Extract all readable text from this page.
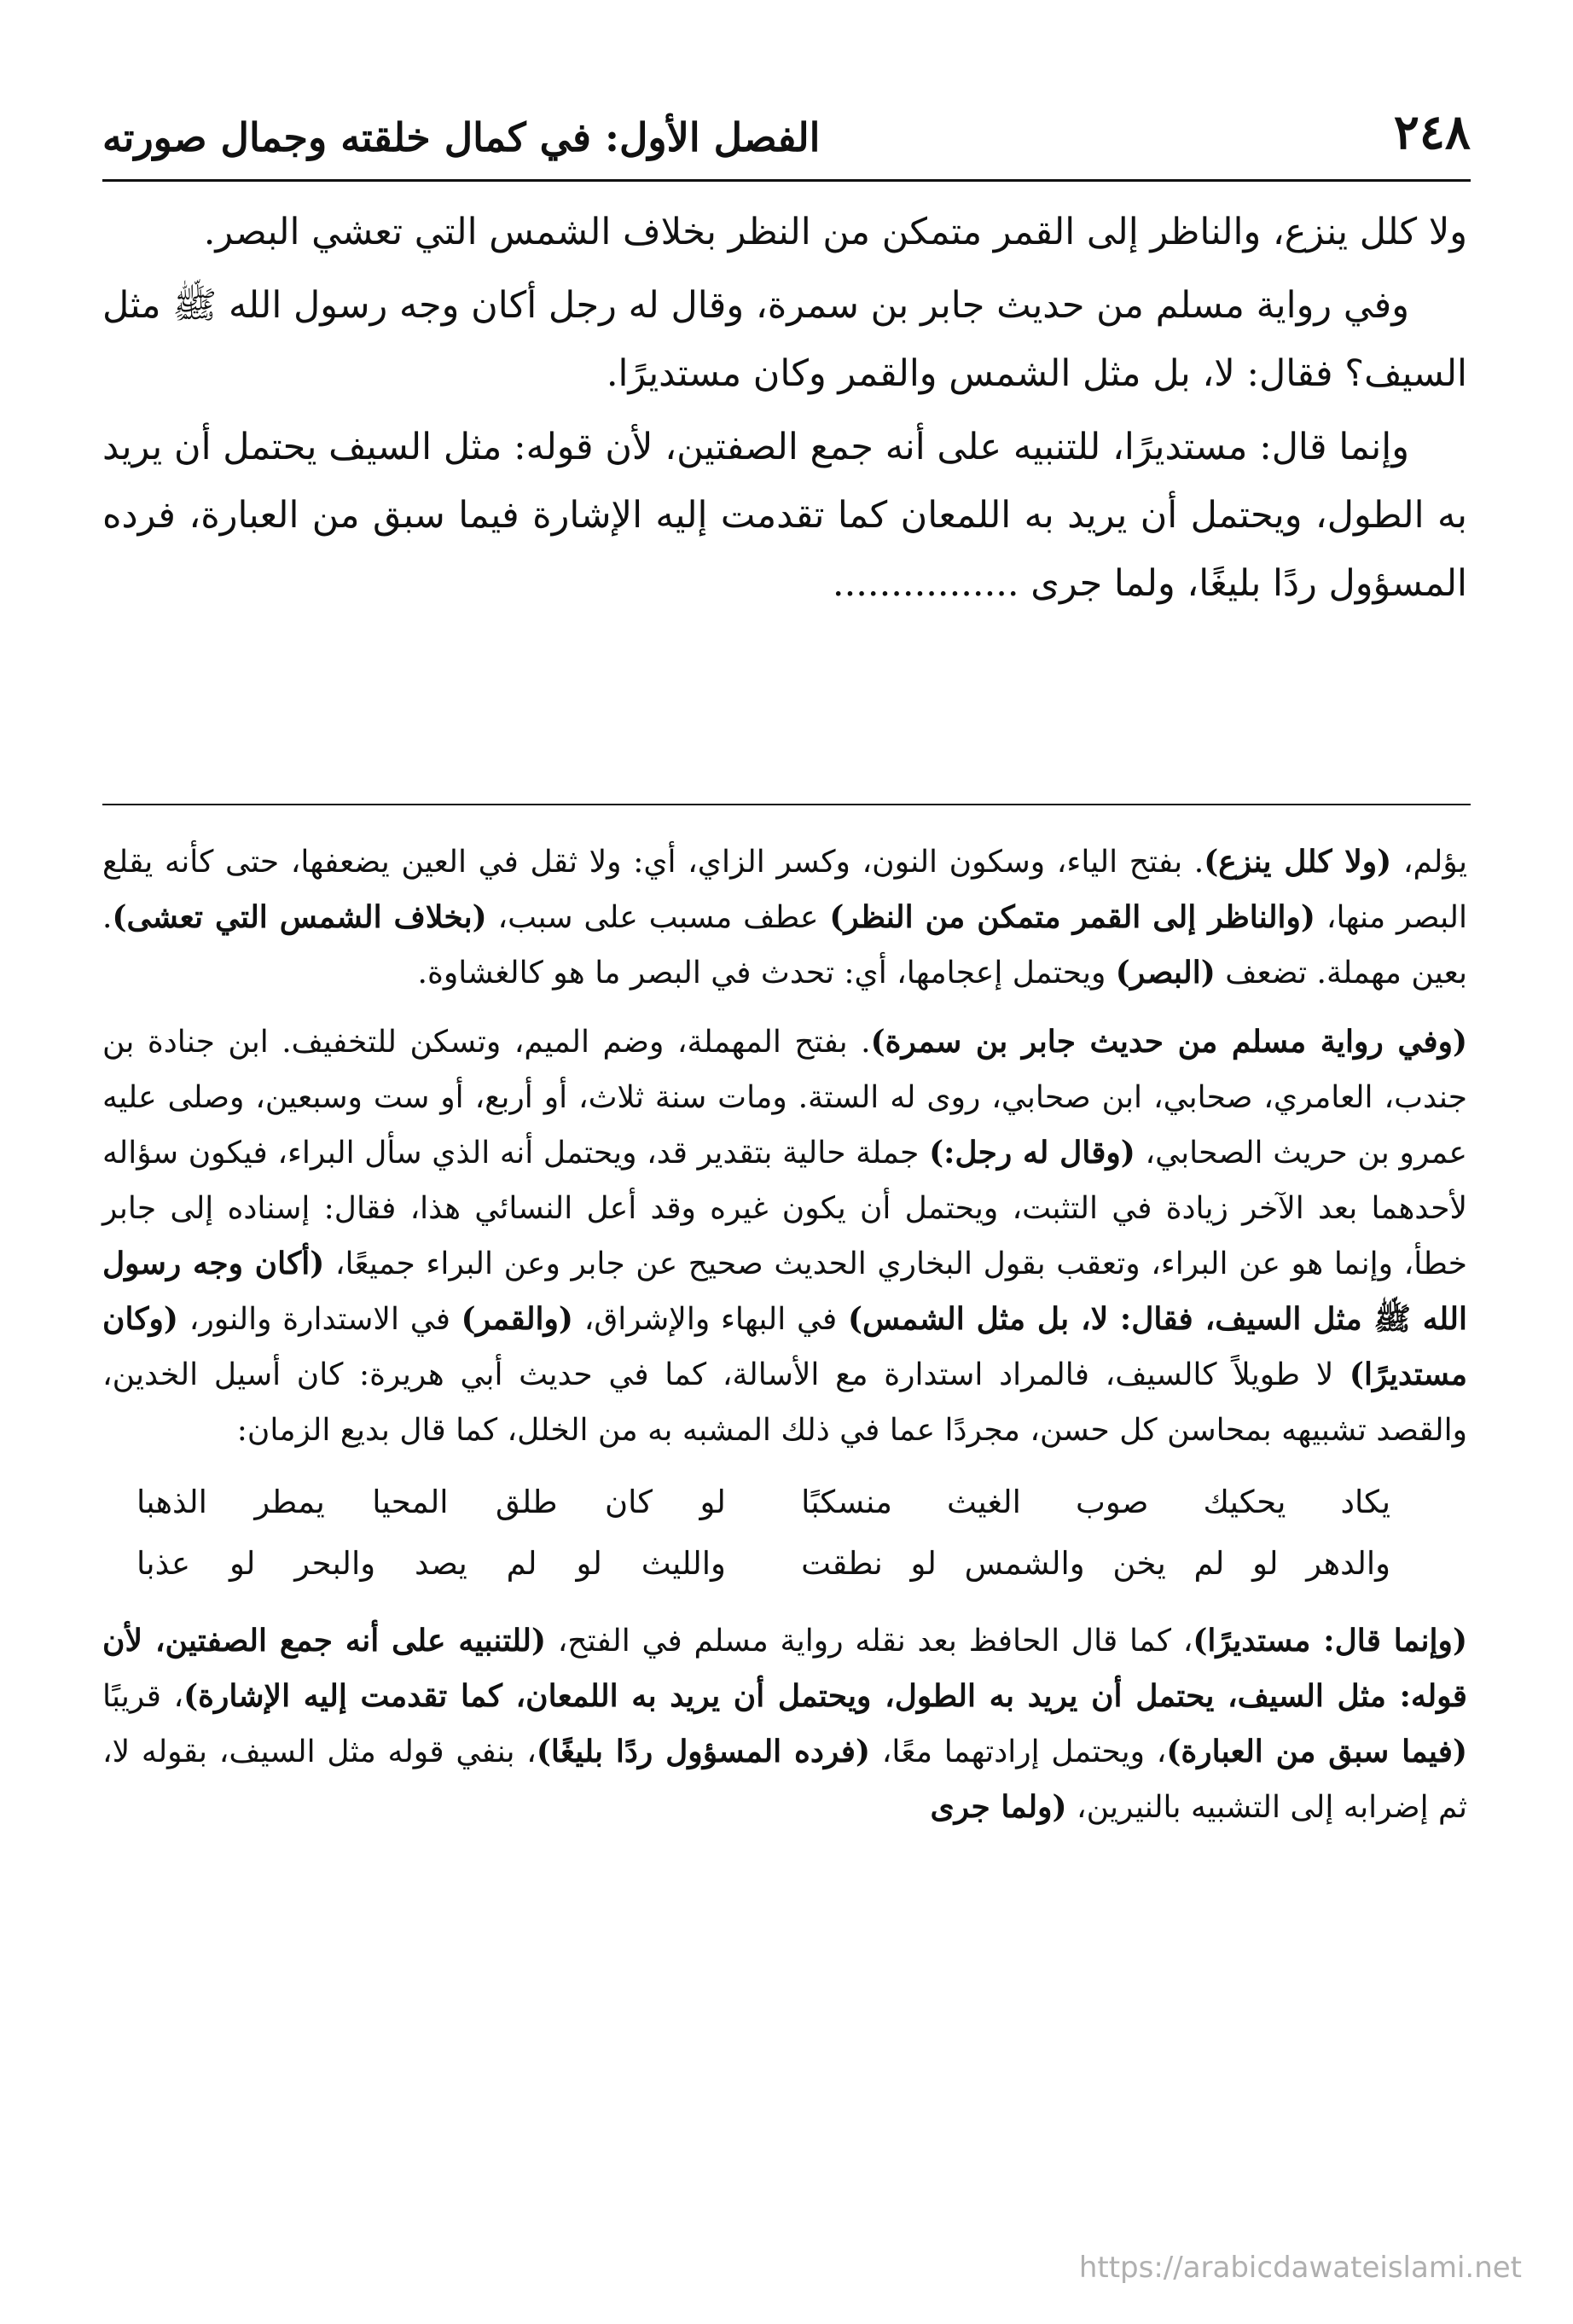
٢٤٨
الفصل الأول: في كمال خلقته وجمال صورته

ولا كلل ينزع، والناظر إلى القمر متمكن من النظر بخلاف الشمس التي تعشي البصر.

وفي رواية مسلم من حديث جابر بن سمرة، وقال له رجل أكان وجه رسول الله ﷺ مثل السيف؟ فقال: لا، بل مثل الشمس والقمر وكان مستديرًا.

وإنما قال: مستديرًا، للتنبيه على أنه جمع الصفتين، لأن قوله: مثل السيف يحتمل أن يريد به الطول، ويحتمل أن يريد به اللمعان كما تقدمت إليه الإشارة فيما سبق من العبارة، فرده المسؤول ردًا بليغًا، ولما جرى ................

يؤلم، (ولا كلل ينزع). بفتح الياء، وسكون النون، وكسر الزاي، أي: ولا ثقل في العين يضعفها، حتى كأنه يقلع البصر منها، (والناظر إلى القمر متمكن من النظر) عطف مسبب على سبب، (بخلاف الشمس التي تعشى). بعين مهملة. تضعف (البصر) ويحتمل إعجامها، أي: تحدث في البصر ما هو كالغشاوة.

(وفي رواية مسلم من حديث جابر بن سمرة). بفتح المهملة، وضم الميم، وتسكن للتخفيف. ابن جنادة بن جندب، العامري، صحابي، ابن صحابي، روى له الستة. ومات سنة ثلاث، أو أربع، أو ست وسبعين، وصلى عليه عمرو بن حريث الصحابي، (وقال له رجل:) جملة حالية بتقدير قد، ويحتمل أنه الذي سأل البراء، فيكون سؤاله لأحدهما بعد الآخر زيادة في التثبت، ويحتمل أن يكون غيره وقد أعل النسائي هذا، فقال: إسناده إلى جابر خطأ، وإنما هو عن البراء، وتعقب بقول البخاري الحديث صحيح عن جابر وعن البراء جميعًا، (أكان وجه رسول الله ﷺ مثل السيف، فقال: لا، بل مثل الشمس) في البهاء والإشراق، (والقمر) في الاستدارة والنور، (وكان مستديرًا) لا طويلاً كالسيف، فالمراد استدارة مع الأسالة، كما في حديث أبي هريرة: كان أسيل الخدين، والقصد تشبيهه بمحاسن كل حسن، مجردًا عما في ذلك المشبه به من الخلل، كما قال بديع الزمان:

يكاد يحكيك صوب الغيث منسكبًا
لو كان طلق المحيا يمطر الذهبا
والدهر لو لم يخن والشمس لو نطقت
والليث لو لم يصد والبحر لو عذبا

(وإنما قال: مستديرًا)، كما قال الحافظ بعد نقله رواية مسلم في الفتح، (للتنبيه على أنه جمع الصفتين، لأن قوله: مثل السيف، يحتمل أن يريد به الطول، ويحتمل أن يريد به اللمعان، كما تقدمت إليه الإشارة)، قريبًا (فيما سبق من العبارة)، ويحتمل إرادتهما معًا، (فرده المسؤول ردًا بليغًا)، بنفي قوله مثل السيف، بقوله لا، ثم إضرابه إلى التشبيه بالنيرين، (ولما جرى

https://arabicdawateislami.net
